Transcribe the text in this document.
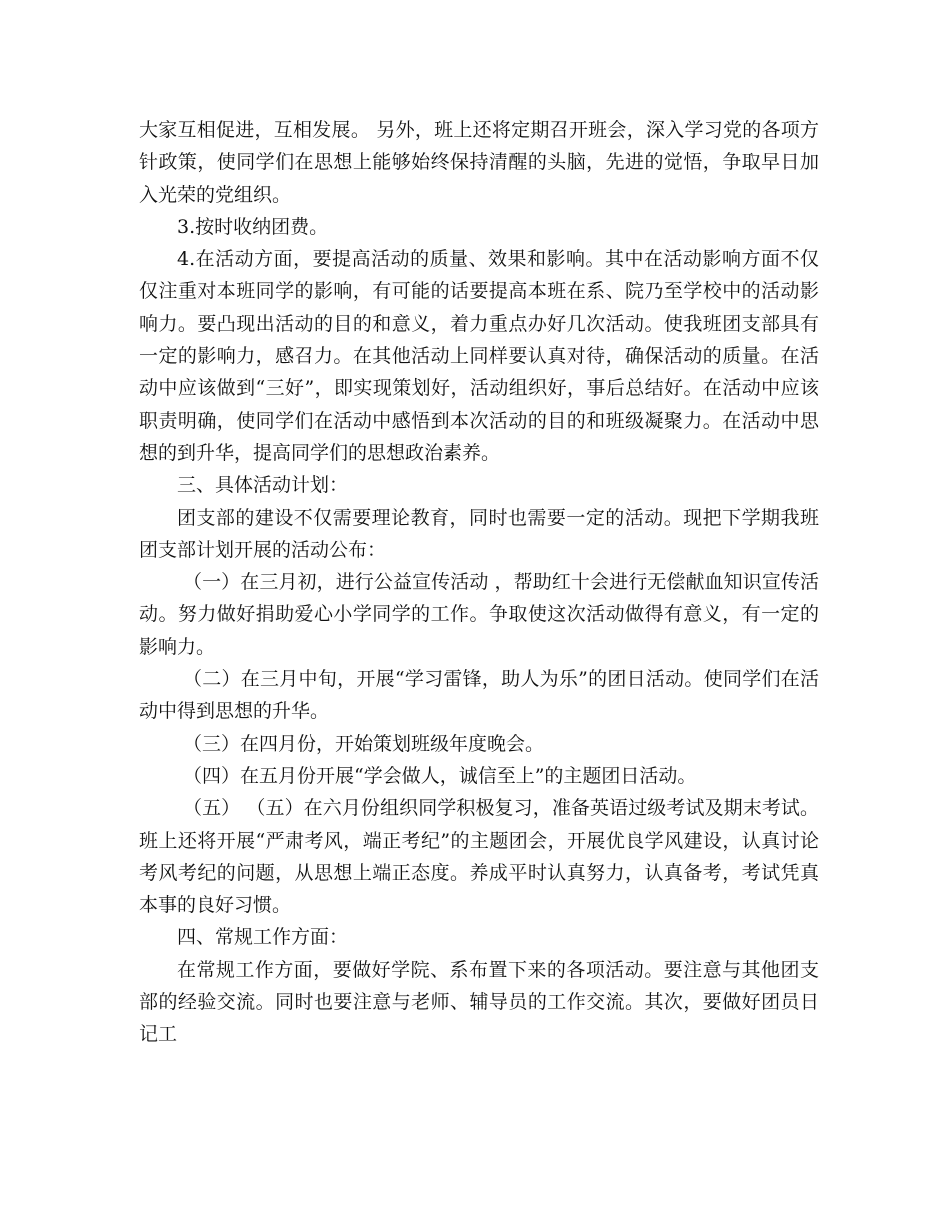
大家互相促进，互相发展。 另外，班上还将定期召开班会，深入学习党的各项方针政策，使同学们在思想上能够始终保持清醒的头脑，先进的觉悟，争取早日加入光荣的党组织。

3.按时收纳团费。

4.在活动方面，要提高活动的质量、效果和影响。其中在活动影响方面不仅仅注重对本班同学的影响，有可能的话要提高本班在系、院乃至学校中的活动影响力。要凸现出活动的目的和意义，着力重点办好几次活动。使我班团支部具有一定的影响力，感召力。在其他活动上同样要认真对待，确保活动的质量。在活动中应该做到“三好”，即实现策划好，活动组织好，事后总结好。在活动中应该职责明确，使同学们在活动中感悟到本次活动的目的和班级凝聚力。在活动中思想的到升华，提高同学们的思想政治素养。

三、具体活动计划：

团支部的建设不仅需要理论教育，同时也需要一定的活动。现把下学期我班团支部计划开展的活动公布：

（一）在三月初，进行公益宣传活动 ，帮助红十会进行无偿献血知识宣传活动。努力做好捐助爱心小学同学的工作。争取使这次活动做得有意义，有一定的影响力。

（二）在三月中旬，开展“学习雷锋，助人为乐”的团日活动。使同学们在活动中得到思想的升华。

（三）在四月份，开始策划班级年度晚会。

（四）在五月份开展“学会做人，诚信至上”的主题团日活动。

（五） （五）在六月份组织同学积极复习，准备英语过级考试及期末考试。班上还将开展“严肃考风，端正考纪”的主题团会，开展优良学风建设，认真讨论考风考纪的问题，从思想上端正态度。养成平时认真努力，认真备考，考试凭真本事的良好习惯。

四、常规工作方面：

在常规工作方面，要做好学院、系布置下来的各项活动。要注意与其他团支部的经验交流。同时也要注意与老师、辅导员的工作交流。其次，要做好团员日记工
